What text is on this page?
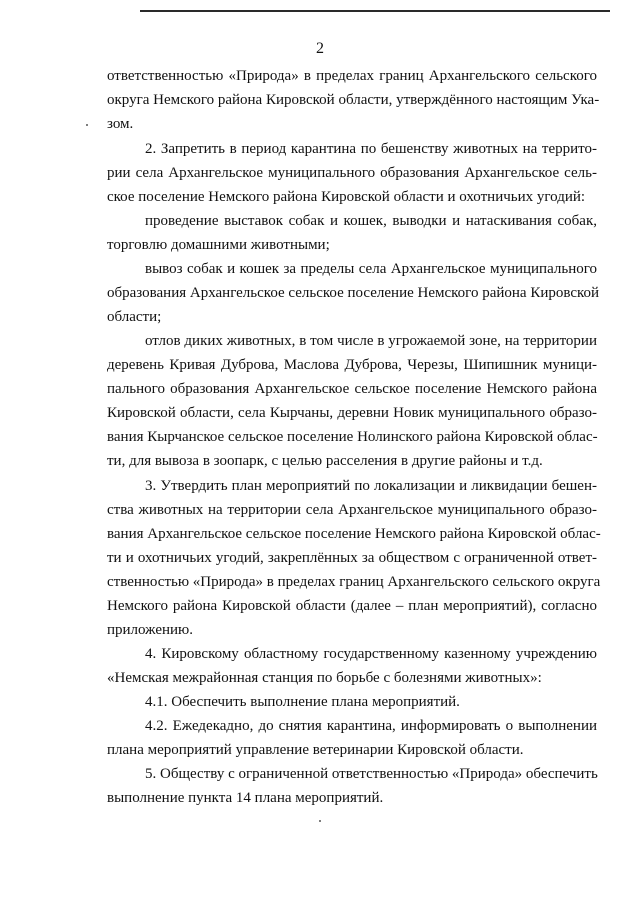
2
ответственностью «Природа» в пределах границ Архангельского сельского
округа Немского района Кировской области, утверждённого настоящим Ука-
зом.
2. Запретить в период карантина по бешенству животных на террито-
рии села Архангельское муниципального образования Архангельское сель-
ское поселение Немского района Кировской области и охотничьих угодий:
проведение выставок собак и кошек, выводки и натаскивания собак,
торговлю домашними животными;
вывоз собак и кошек за пределы села Архангельское муниципального
образования Архангельское сельское поселение Немского района Кировской
области;
отлов диких животных, в том числе в угрожаемой зоне, на территории
деревень Кривая Дуброва, Маслова Дуброва, Черезы, Шипишник муници-
пального образования Архангельское сельское поселение Немского района
Кировской области, села Кырчаны, деревни Новик муниципального образо-
вания Кырчанское сельское поселение Нолинского района Кировской облас-
ти, для вывоза в зоопарк, с целью расселения в другие районы и т.д.
3. Утвердить план мероприятий по локализации и ликвидации бешен-
ства животных на территории села Архангельское муниципального образо-
вания Архангельское сельское поселение Немского района Кировской облас-
ти и охотничьих угодий, закреплённых за обществом с ограниченной ответ-
ственностью «Природа» в пределах границ Архангельского сельского округа
Немского района Кировской области (далее – план мероприятий), согласно
приложению.
4. Кировскому областному государственному казенному учреждению
«Немская межрайонная станция по борьбе с болезнями животных»:
4.1. Обеспечить выполнение плана мероприятий.
4.2. Ежедекадно, до снятия карантина, информировать о выполнении
плана мероприятий управление ветеринарии Кировской области.
5. Обществу с ограниченной ответственностью «Природа» обеспечить
выполнение пункта 14 плана мероприятий.
